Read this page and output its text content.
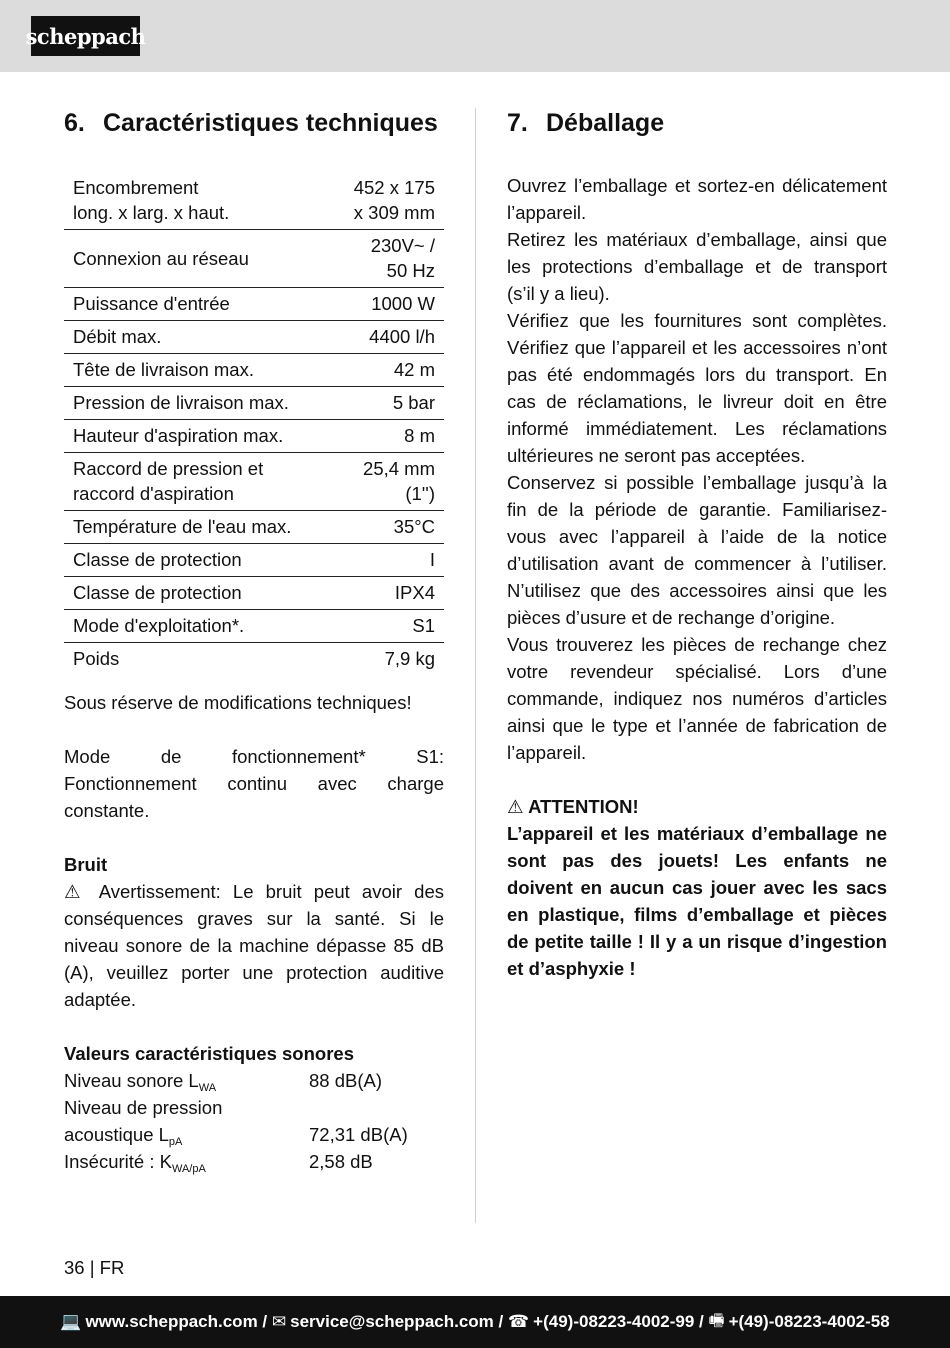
scheppach
6. Caractéristiques techniques
Encombrement
long. x larg. x haut.	452 x 175
x 309 mm
Connexion au réseau	230V~ /
50 Hz
Puissance d'entrée	1000 W
Débit max.	4400 l/h
Tête de livraison max.	42 m
Pression de livraison max.	5 bar
Hauteur d'aspiration max.	8 m
Raccord de pression et
raccord d'aspiration	25,4 mm
(1'')
Température de l'eau max.	35°C
Classe de protection	I
Classe de protection	IPX4
Mode d'exploitation*.	S1
Poids	7,9 kg

Sous réserve de modifications techniques!

Mode de fonctionnement* S1: Fonctionnement continu avec charge constante.

Bruit

⚠ Avertissement: Le bruit peut avoir des conséquences graves sur la santé. Si le niveau sonore de la machine dépasse 85 dB (A), veuillez porter une protection auditive adaptée.

Valeurs caractéristiques sonores

Niveau sonore $L_{WA}$	88 dB(A)
Niveau de pression
acoustique $L_{pA}$	72,31 dB(A)
Insécurité : $K_{WA/pA}$	2,58 dB
7. Déballage

Ouvrez l’emballage et sortez-en délicatement l’appareil.

Retirez les matériaux d’emballage, ainsi que les protections d’emballage et de transport (s’il y a lieu).

Vérifiez que les fournitures sont complètes. Vérifiez que l’appareil et les accessoires n’ont pas été endommagés lors du transport. En cas de réclamations, le livreur doit en être informé immédiatement. Les réclamations ultérieures ne seront pas acceptées.

Conservez si possible l’emballage jusqu’à la fin de la période de garantie. Familiarisez-vous avec l’appareil à l’aide de la notice d’utilisation avant de commencer à l’utiliser. N’utilisez que des accessoires ainsi que les pièces d’usure et de rechange d’origine.

Vous trouverez les pièces de rechange chez votre revendeur spécialisé. Lors d’une commande, indiquez nos numéros d’articles ainsi que le type et l’année de fabrication de l’appareil.

⚠ ATTENTION!

L’appareil et les matériaux d’emballage ne sont pas des jouets! Les enfants ne doivent en aucun cas jouer avec les sacs en plastique, films d’emballage et pièces de petite taille ! Il y a un risque d’ingestion et d’asphyxie !

36 | FR
💻 www.scheppach.com /
✉ service@scheppach.com /
☎ +(49)-08223-4002-99 /
🖷 +(49)-08223-4002-58
